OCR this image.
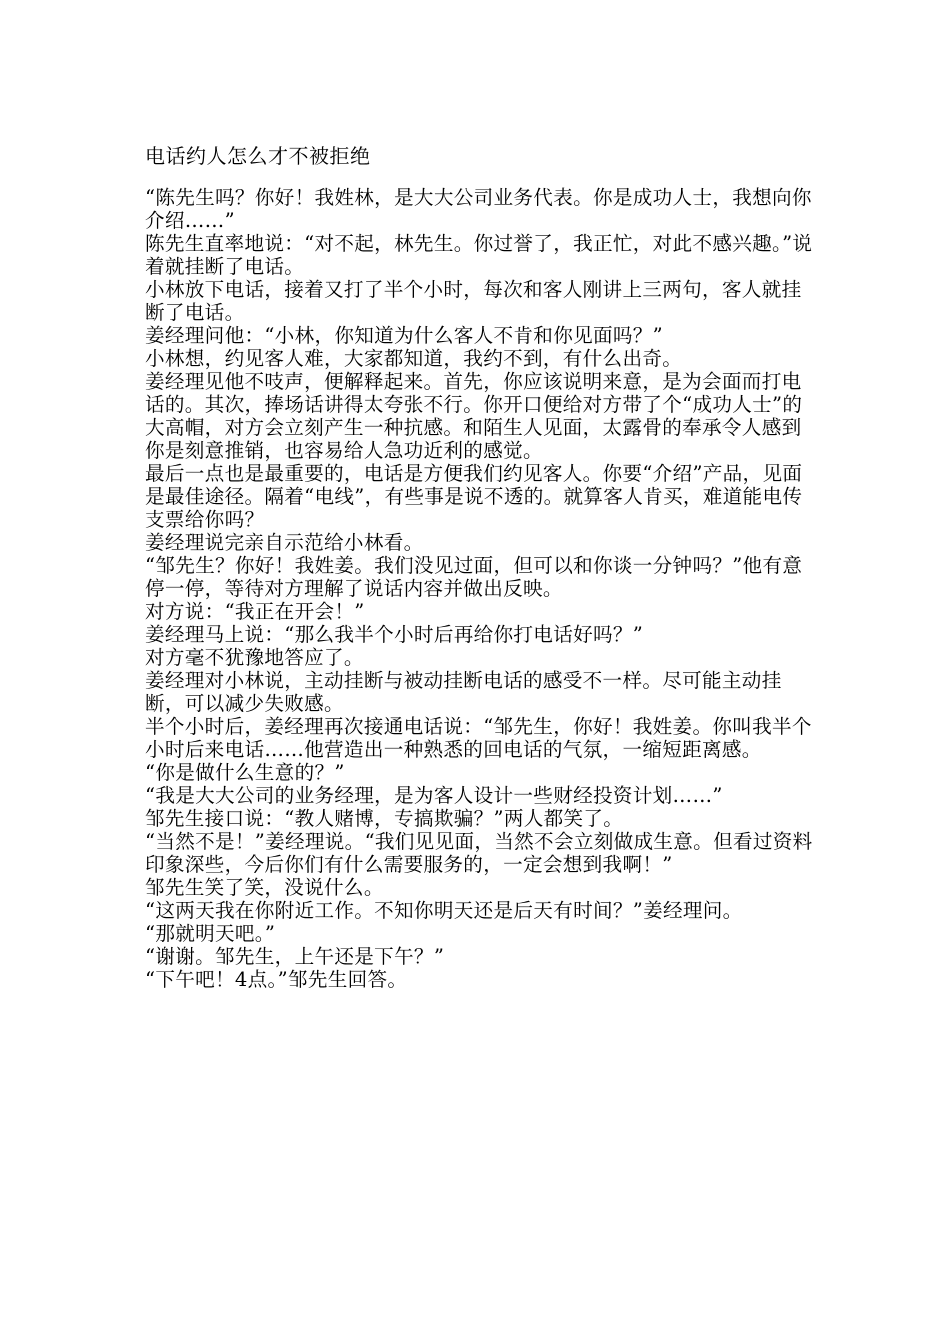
电话约人怎么才不被拒绝

“陈先生吗？你好！我姓林，是大大公司业务代表。你是成功人士，我想向你介绍……”

陈先生直率地说：“对不起，林先生。你过誉了，我正忙，对此不感兴趣。”说着就挂断了电话。

小林放下电话，接着又打了半个小时，每次和客人刚讲上三两句，客人就挂断了电话。

姜经理问他：“小林，你知道为什么客人不肯和你见面吗？”

小林想，约见客人难，大家都知道，我约不到，有什么出奇。

姜经理见他不吱声，便解释起来。首先，你应该说明来意，是为会面而打电话的。其次，捧场话讲得太夸张不行。你开口便给对方带了个“成功人士”的大高帽，对方会立刻产生一种抗感。和陌生人见面，太露骨的奉承令人感到你是刻意推销，也容易给人急功近利的感觉。

最后一点也是最重要的，电话是方便我们约见客人。你要“介绍”产品，见面是最佳途径。隔着“电线”，有些事是说不透的。就算客人肯买，难道能电传支票给你吗？

姜经理说完亲自示范给小林看。

“邹先生？你好！我姓姜。我们没见过面，但可以和你谈一分钟吗？”他有意停一停，等待对方理解了说话内容并做出反映。

对方说：“我正在开会！”

姜经理马上说：“那么我半个小时后再给你打电话好吗？”

对方毫不犹豫地答应了。

姜经理对小林说，主动挂断与被动挂断电话的感受不一样。尽可能主动挂断，可以减少失败感。

半个小时后，姜经理再次接通电话说：“邹先生，你好！我姓姜。你叫我半个小时后来电话……他营造出一种熟悉的回电话的气氛，一缩短距离感。

“你是做什么生意的？”

“我是大大公司的业务经理，是为客人设计一些财经投资计划……”

邹先生接口说：“教人赌博，专搞欺骗？”两人都笑了。

“当然不是！”姜经理说。“我们见见面，当然不会立刻做成生意。但看过资料印象深些，今后你们有什么需要服务的，一定会想到我啊！”

邹先生笑了笑，没说什么。

“这两天我在你附近工作。不知你明天还是后天有时间？”姜经理问。

“那就明天吧。”

“谢谢。邹先生，上午还是下午？”

“下午吧！4点。”邹先生回答。
